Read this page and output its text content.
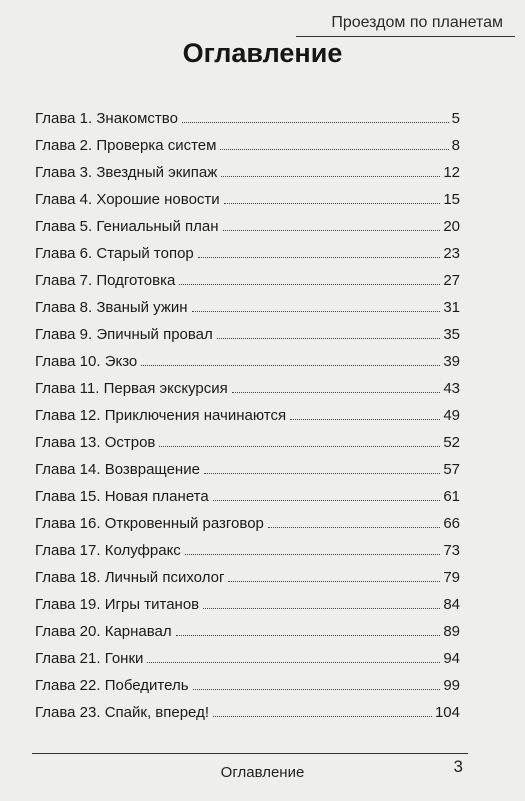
Проездом по планетам
Оглавление
Глава 1. Знакомство	5
Глава 2. Проверка систем	8
Глава 3. Звездный экипаж	12
Глава 4. Хорошие новости	15
Глава 5. Гениальный план	20
Глава 6. Старый топор	23
Глава 7. Подготовка	27
Глава 8. Званый ужин	31
Глава 9. Эпичный провал	35
Глава 10. Экзо	39
Глава 11. Первая экскурсия	43
Глава 12. Приключения начинаются	49
Глава 13. Остров	52
Глава 14. Возвращение	57
Глава 15. Новая планета	61
Глава 16. Откровенный разговор	66
Глава 17. Колуфракс	73
Глава 18. Личный психолог	79
Глава 19. Игры титанов	84
Глава 20. Карнавал	89
Глава 21. Гонки	94
Глава 22. Победитель	99
Глава 23. Спайк, вперед!	104
Оглавление	3
